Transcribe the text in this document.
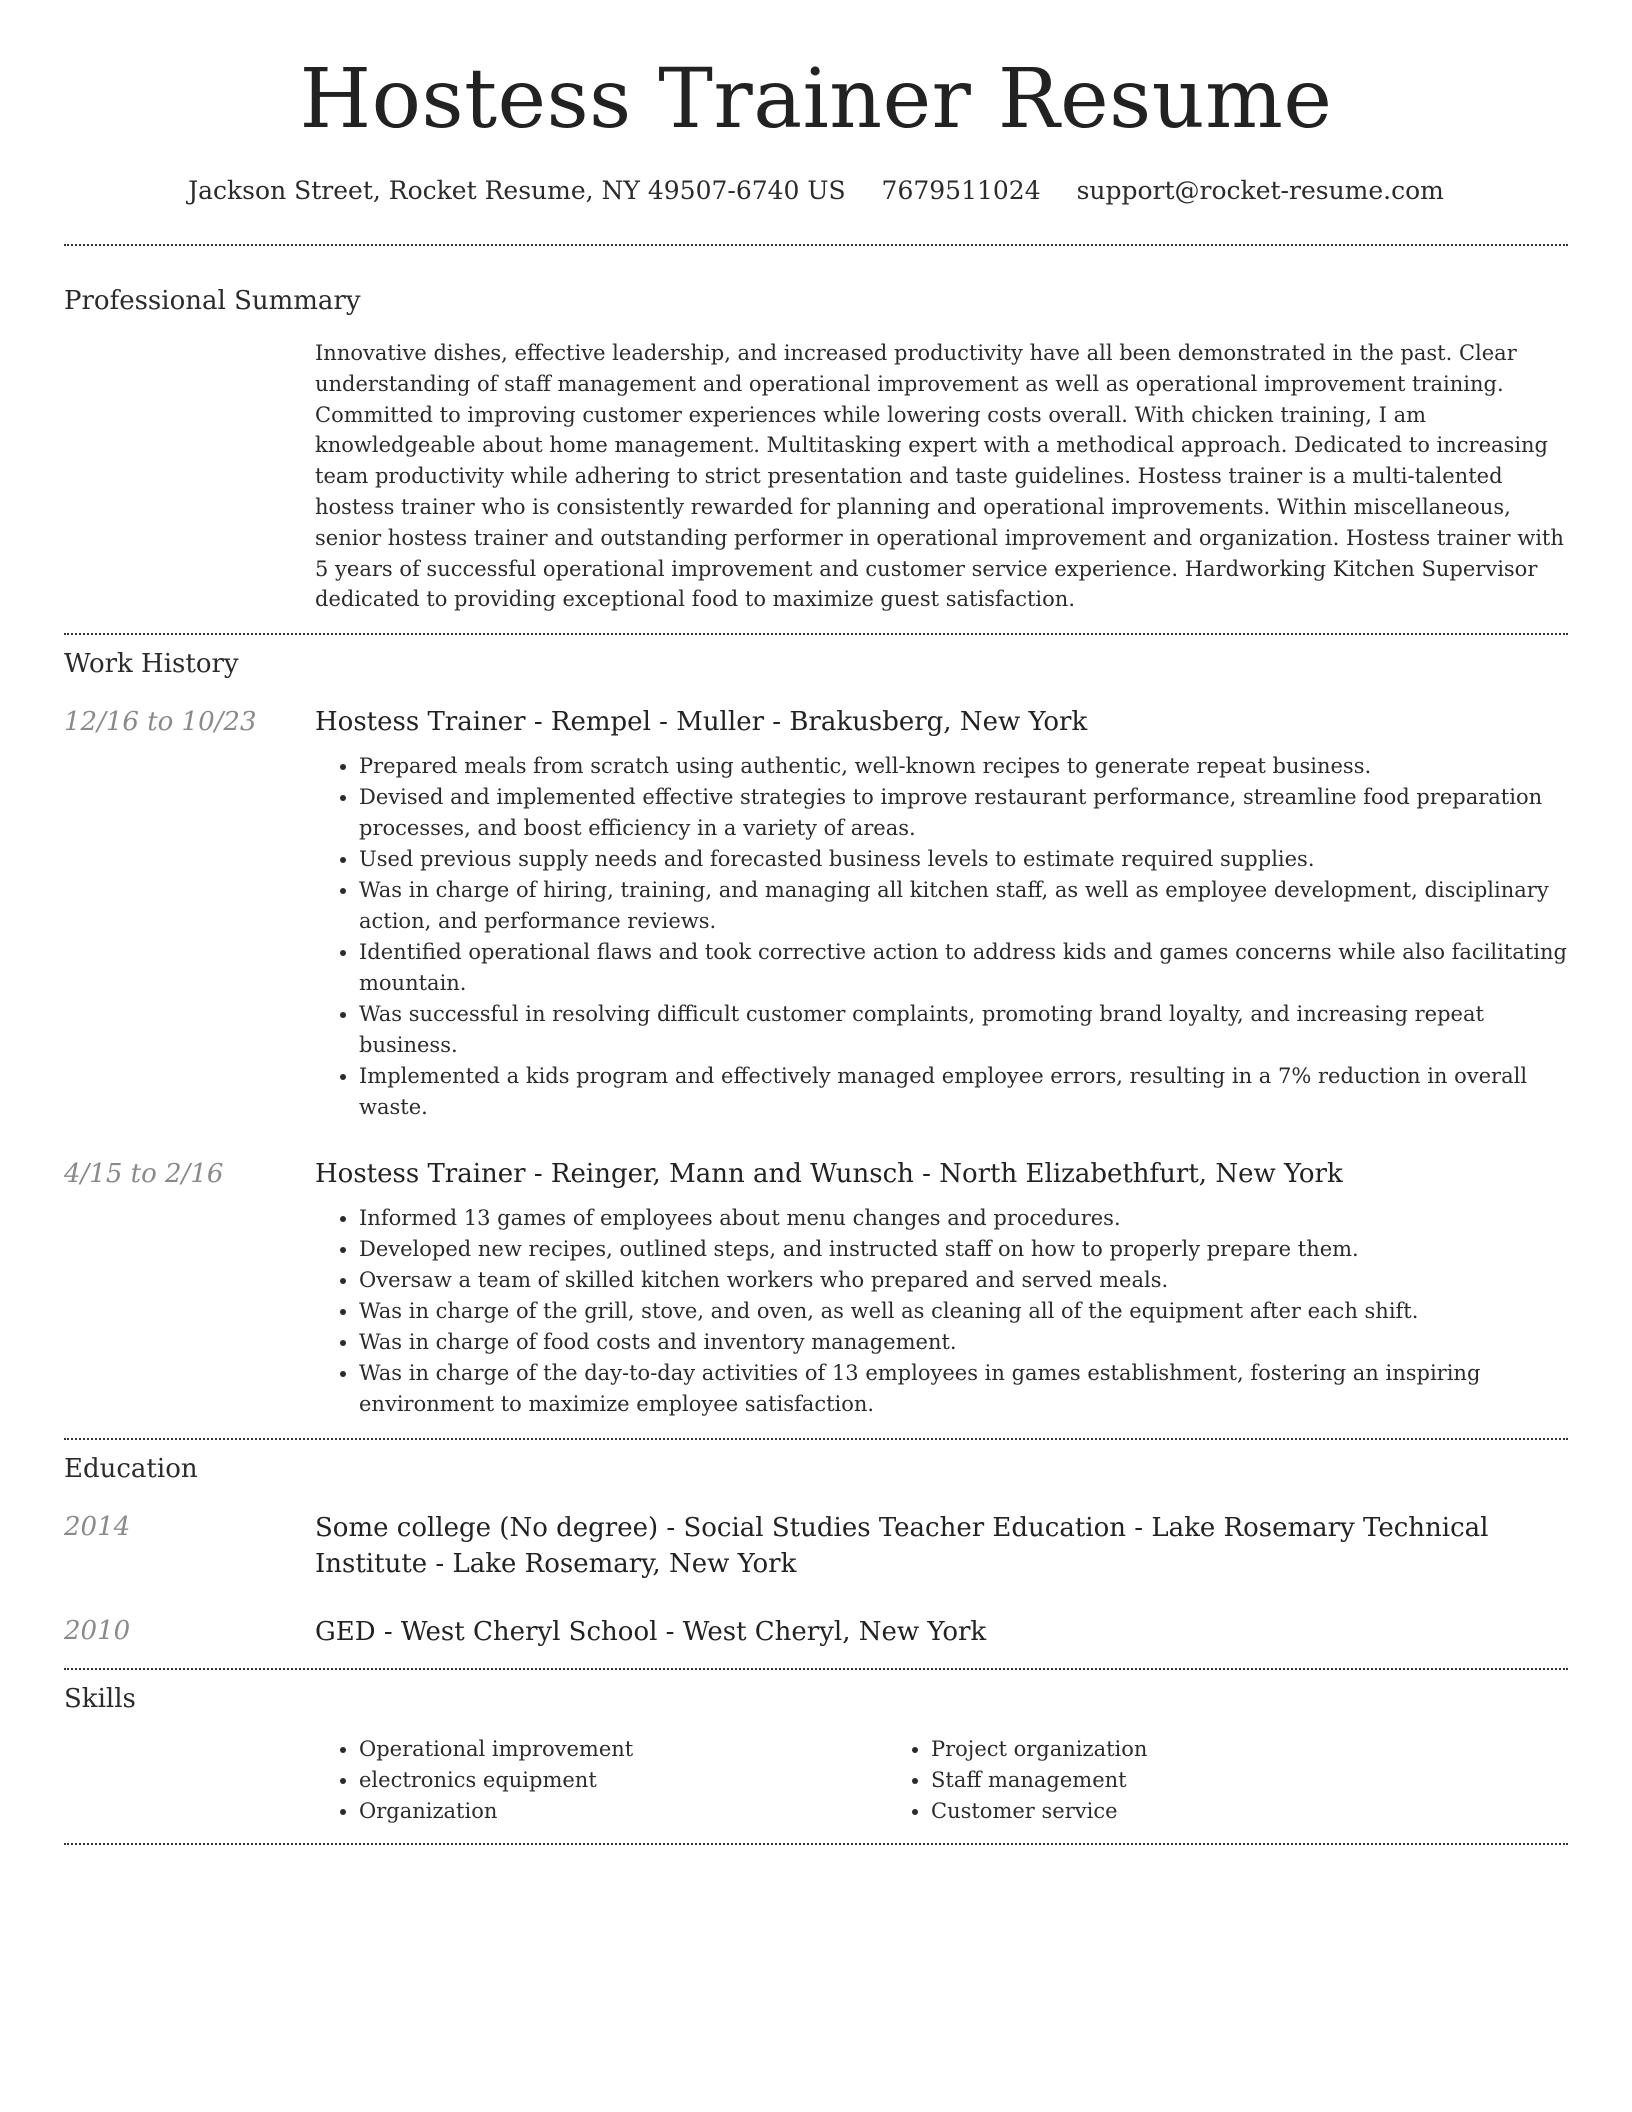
Hostess Trainer Resume
Jackson Street, Rocket Resume, NY 49507-6740 US 7679511024 support@rocket-resume.com
Professional Summary

Innovative dishes, effective leadership, and increased productivity have all been demonstrated in the past. Clear understanding of staff management and operational improvement as well as operational improvement training. Committed to improving customer experiences while lowering costs overall. With chicken training, I am knowledgeable about home management. Multitasking expert with a methodical approach. Dedicated to increasing team productivity while adhering to strict presentation and taste guidelines. Hostess trainer is a multi-talented hostess trainer who is consistently rewarded for planning and operational improvements. Within miscellaneous, senior hostess trainer and outstanding performer in operational improvement and organization. Hostess trainer with 5 years of successful operational improvement and customer service experience. Hardworking Kitchen Supervisor dedicated to providing exceptional food to maximize guest satisfaction.

Work History
12/16 to 10/23	Hostess Trainer - Rempel - Muller - Brakusberg, New York
• Prepared meals from scratch using authentic, well-known recipes to generate repeat business.
• Devised and implemented effective strategies to improve restaurant performance, streamline food preparation processes, and boost efficiency in a variety of areas.
• Used previous supply needs and forecasted business levels to estimate required supplies.
• Was in charge of hiring, training, and managing all kitchen staff, as well as employee development, disciplinary action, and performance reviews.
• Identified operational flaws and took corrective action to address kids and games concerns while also facilitating mountain.
• Was successful in resolving difficult customer complaints, promoting brand loyalty, and increasing repeat business.
• Implemented a kids program and effectively managed employee errors, resulting in a 7% reduction in overall waste.
4/15 to 2/16	Hostess Trainer - Reinger, Mann and Wunsch - North Elizabethfurt, New York
• Informed 13 games of employees about menu changes and procedures.
• Developed new recipes, outlined steps, and instructed staff on how to properly prepare them.
• Oversaw a team of skilled kitchen workers who prepared and served meals.
• Was in charge of the grill, stove, and oven, as well as cleaning all of the equipment after each shift.
• Was in charge of food costs and inventory management.
• Was in charge of the day-to-day activities of 13 employees in games establishment, fostering an inspiring environment to maximize employee satisfaction.
Education
2014	Some college (No degree) - Social Studies Teacher Education - Lake Rosemary Technical Institute - Lake Rosemary, New York
2010	GED - West Cheryl School - West Cheryl, New York
Skills
• Operational improvement
• electronics equipment
• Organization
• Project organization
• Staff management
• Customer service
